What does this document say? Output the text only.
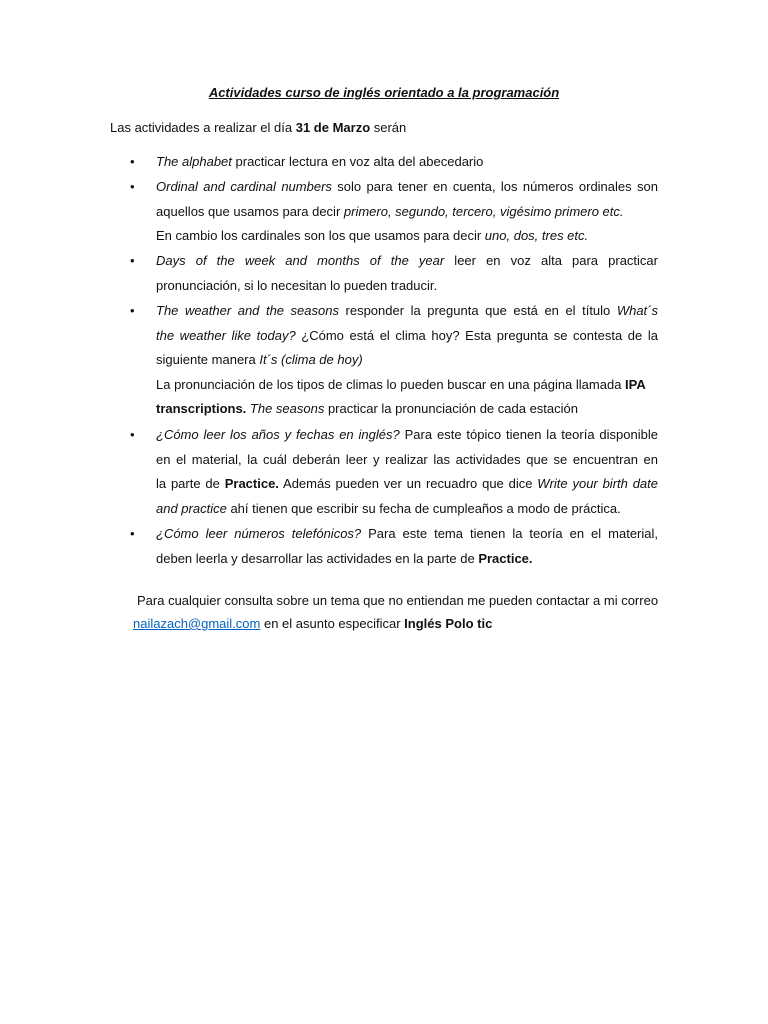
Actividades curso de inglés orientado a la programación
Las actividades a realizar el día 31 de Marzo serán
•	The alphabet practicar lectura en voz alta del abecedario
•	Ordinal and cardinal numbers solo para tener en cuenta, los números ordinales son
aquellos que usamos para decir primero, segundo, tercero, vigésimo primero etc.
En cambio los cardinales son los que usamos para decir uno, dos, tres etc.
•	Days of the week and months of the year leer en voz alta para practicar
pronunciación, si lo necesitan lo pueden traducir.
•	The weather and the seasons responder la pregunta que está en el título What´s
the weather like today? ¿Cómo está el clima hoy? Esta pregunta se contesta de la
siguiente manera It´s (clima de hoy)
La pronunciación de los tipos de climas lo pueden buscar en una página llamada IPA
transcriptions. The seasons practicar la pronunciación de cada estación
•	¿Cómo leer los años y fechas en inglés? Para este tópico tienen la teoría disponible
en el material, la cuál deberán leer y realizar las actividades que se encuentran en
la parte de Practice. Además pueden ver un recuadro que dice Write your birth date
and practice ahí tienen que escribir su fecha de cumpleaños a modo de práctica.
•	¿Cómo leer números telefónicos? Para este tema tienen la teoría en el material,
deben leerla y desarrollar las actividades en la parte de Practice.
Para cualquier consulta sobre un tema que no entiendan me pueden contactar a mi correo
nailazach@gmail.com en el asunto especificar Inglés Polo tic
